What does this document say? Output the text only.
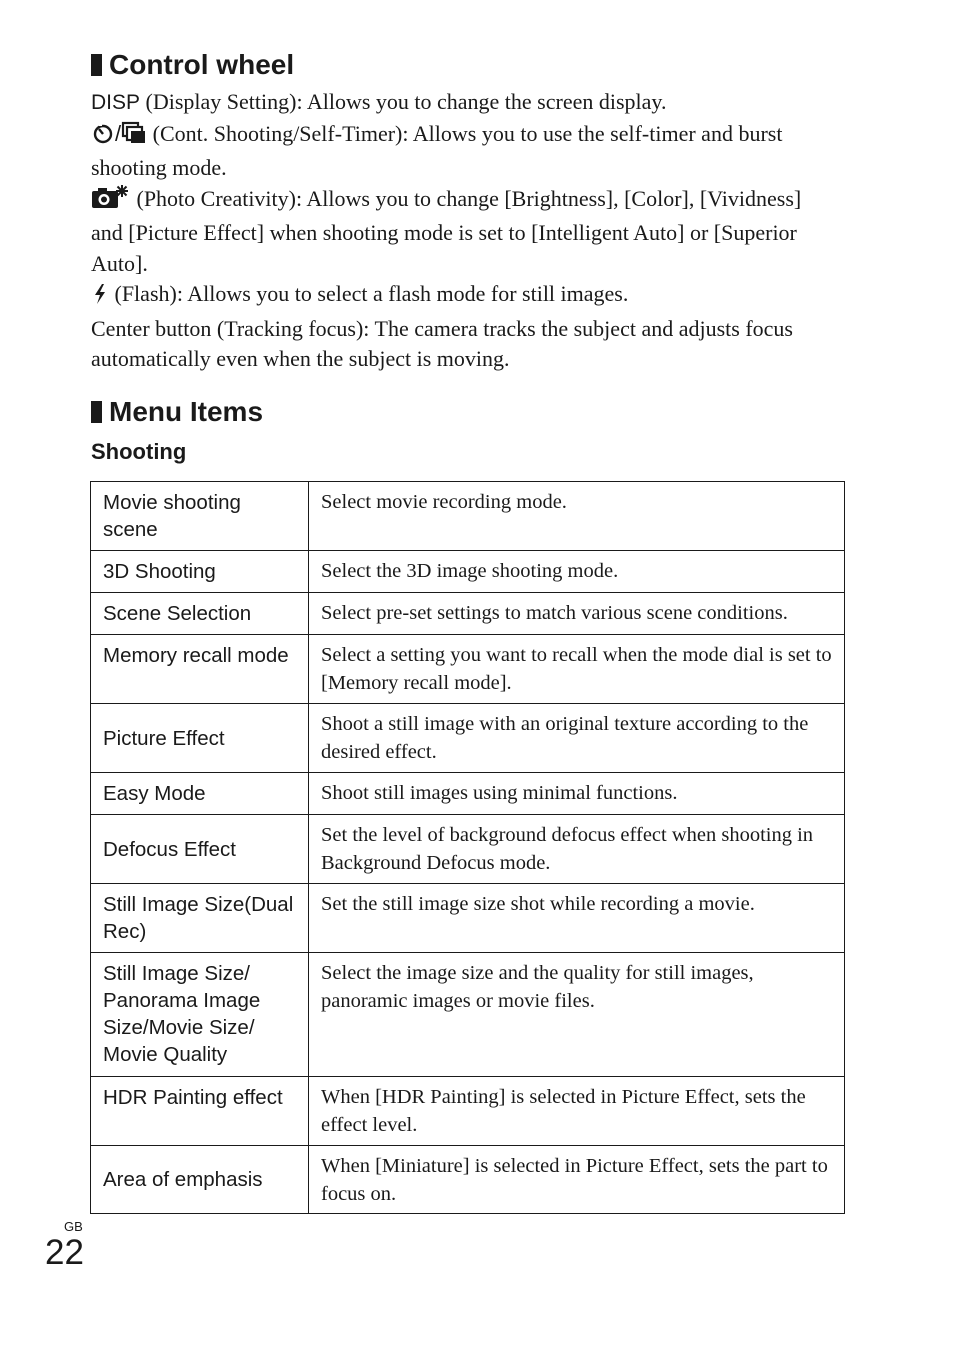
Control wheel

DISP (Display Setting): Allows you to change the screen display.

/ (Cont. Shooting/Self-Timer): Allows you to use the self-timer and burst shooting mode.

(Photo Creativity): Allows you to change [Brightness], [Color], [Vividness] and [Picture Effect] when shooting mode is set to [Intelligent Auto] or [Superior Auto].

(Flash): Allows you to select a flash mode for still images.

Center button (Tracking focus): The camera tracks the subject and adjusts focus automatically even when the subject is moving.

Menu Items
Shooting
Movie shooting scene	Select movie recording mode.
3D Shooting	Select the 3D image shooting mode.
Scene Selection	Select pre-set settings to match various scene conditions.
Memory recall mode	Select a setting you want to recall when the mode dial is set to [Memory recall mode].
Picture Effect	Shoot a still image with an original texture according to the desired effect.
Easy Mode	Shoot still images using minimal functions.
Defocus Effect	Set the level of background defocus effect when shooting in Background Defocus mode.
Still Image Size(Dual Rec)	Set the still image size shot while recording a movie.
Still Image Size/ Panorama Image Size/Movie Size/ Movie Quality	Select the image size and the quality for still images, panoramic images or movie files.
HDR Painting effect	When [HDR Painting] is selected in Picture Effect, sets the effect level.
Area of emphasis	When [Miniature] is selected in Picture Effect, sets the part to focus on.
GB
22
